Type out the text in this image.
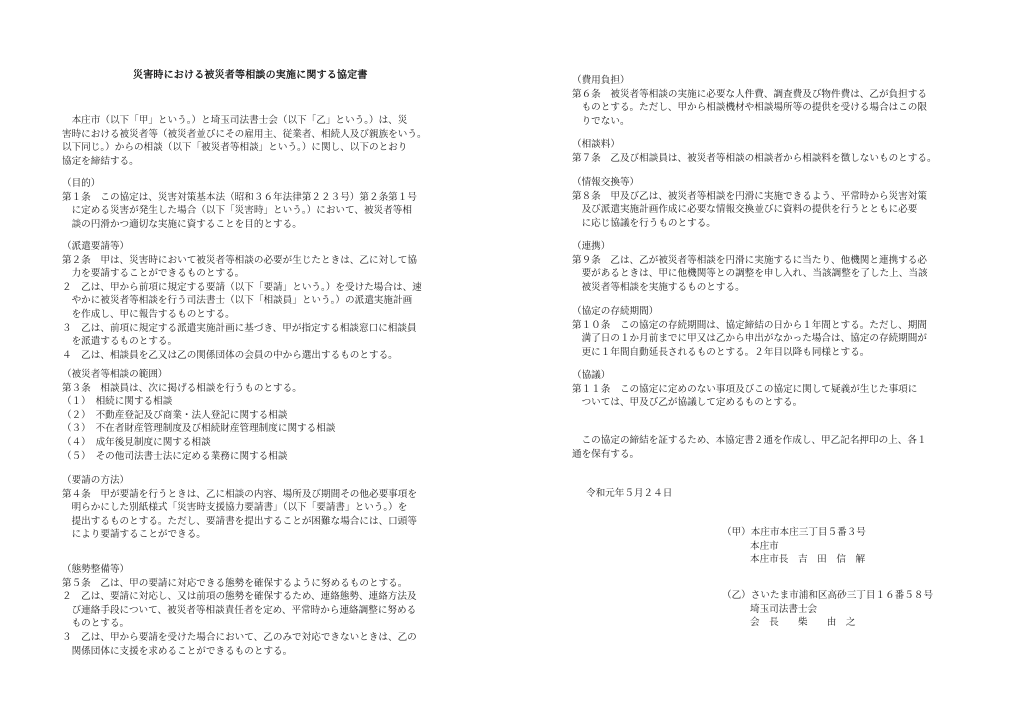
災害時における被災者等相談の実施に関する協定書
　本庄市（以下「甲」という。）と埼玉司法書士会（以下「乙」という。）は、災
害時における被災者等（被災者並びにその雇用主、従業者、相続人及び親族をいう。
以下同じ。）からの相談（以下「被災者等相談」という。）に関し、以下のとおり
協定を締結する。
（目的）
第１条　この協定は、災害対策基本法（昭和３６年法律第２２３号）第２条第１号
　に定める災害が発生した場合（以下「災害時」という。）において、被災者等相
　談の円滑かつ適切な実施に資することを目的とする。
（派遣要請等）
第２条　甲は、災害時において被災者等相談の必要が生じたときは、乙に対して協
　力を要請することができるものとする。
２　乙は、甲から前項に規定する要請（以下「要請」という。）を受けた場合は、速
　やかに被災者等相談を行う司法書士（以下「相談員」という。）の派遣実施計画
　を作成し、甲に報告するものとする。
３　乙は、前項に規定する派遣実施計画に基づき、甲が指定する相談窓口に相談員
　を派遣するものとする。
４　乙は、相談員を乙又は乙の関係団体の会員の中から選出するものとする。
（被災者等相談の範囲）
第３条　相談員は、次に掲げる相談を行うものとする。
（１）　相続に関する相談
（２）　不動産登記及び商業・法人登記に関する相談
（３）　不在者財産管理制度及び相続財産管理制度に関する相談
（４）　成年後見制度に関する相談
（５）　その他司法書士法に定める業務に関する相談
（要請の方法）
第４条　甲が要請を行うときは、乙に相談の内容、場所及び期間その他必要事項を
　明らかにした別紙様式「災害時支援協力要請書」（以下「要請書」という。）を
　提出するものとする。ただし、要請書を提出することが困難な場合には、口頭等
　により要請することができる。
（態勢整備等）
第５条　乙は、甲の要請に対応できる態勢を確保するように努めるものとする。
２　乙は、要請に対応し、又は前項の態勢を確保するため、連絡態勢、連絡方法及
　び連絡手段について、被災者等相談責任者を定め、平常時から連絡調整に努める
　ものとする。
３　乙は、甲から要請を受けた場合において、乙のみで対応できないときは、乙の
　関係団体に支援を求めることができるものとする。
（費用負担）
第６条　被災者等相談の実施に必要な人件費、調査費及び物件費は、乙が負担する
　ものとする。ただし、甲から相談機材や相談場所等の提供を受ける場合はこの限
　りでない。
（相談料）
第７条　乙及び相談員は、被災者等相談の相談者から相談料を徴しないものとする。
（情報交換等）
第８条　甲及び乙は、被災者等相談を円滑に実施できるよう、平常時から災害対策
　及び派遣実施計画作成に必要な情報交換並びに資料の提供を行うとともに必要
　に応じ協議を行うものとする。
（連携）
第９条　乙は、乙が被災者等相談を円滑に実施するに当たり、他機関と連携する必
　要があるときは、甲に他機関等との調整を申し入れ、当該調整を了した上、当該
　被災者等相談を実施するものとする。
（協定の存続期間）
第１０条　この協定の存続期間は、協定締結の日から１年間とする。ただし、期間
　満了日の１か月前までに甲又は乙から申出がなかった場合は、協定の存続期間が
　更に１年間自動延長されるものとする。２年目以降も同様とする。
（協議）
第１１条　この協定に定めのない事項及びこの協定に関して疑義が生じた事項に
　ついては、甲及び乙が協議して定めるものとする。
　この協定の締結を証するため、本協定書２通を作成し、甲乙記名押印の上、各１
通を保有する。
令和元年５月２４日
（甲）本庄市本庄三丁目５番３号
本庄市
本庄市長　吉　田　信　解
（乙）さいたま市浦和区高砂三丁目１６番５８号
埼玉司法書士会
会　長　　柴　　由　之
